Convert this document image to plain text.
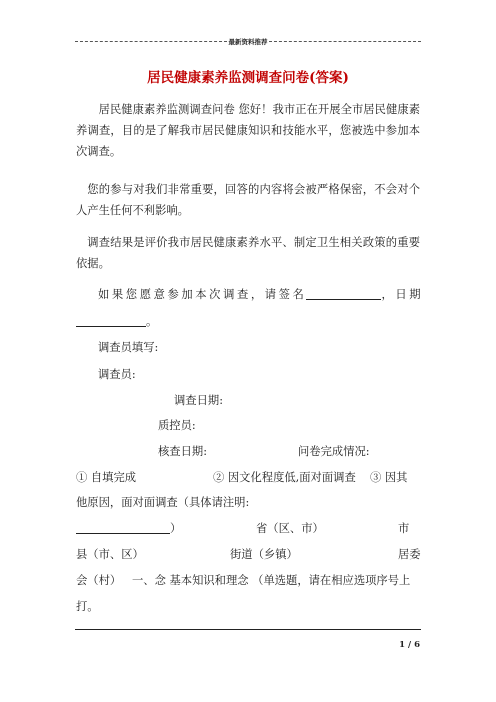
最新资料推荐
居民健康素养监测调查问卷(答案)

居民健康素养监测调查问卷 您好！我市正在开展全市居民健康素养调查，目的是了解我市居民健康知识和技能水平，您被选中参加本次调查。

您的参与对我们非常重要，回答的内容将会被严格保密，不会对个人产生任何不利影响。

调查结果是评价我市居民健康素养水平、制定卫生相关政策的重要依据。

如果您愿意参加本次调查，请签名	，日期
。
调查员填写:
调查员:
调查日期:
质控员:
核查日期:	问卷完成情况:
① 自填完成	② 因文化程度低,面对面调查 ③ 因其
他原因，面对面调查（具体请注明:
）	省（区、市）	市
县（市、区）	街道（乡镇）	居委
会（村） 一、念 基本知识和理念 （单选题，请在相应选项序号上
打。
1 / 6
